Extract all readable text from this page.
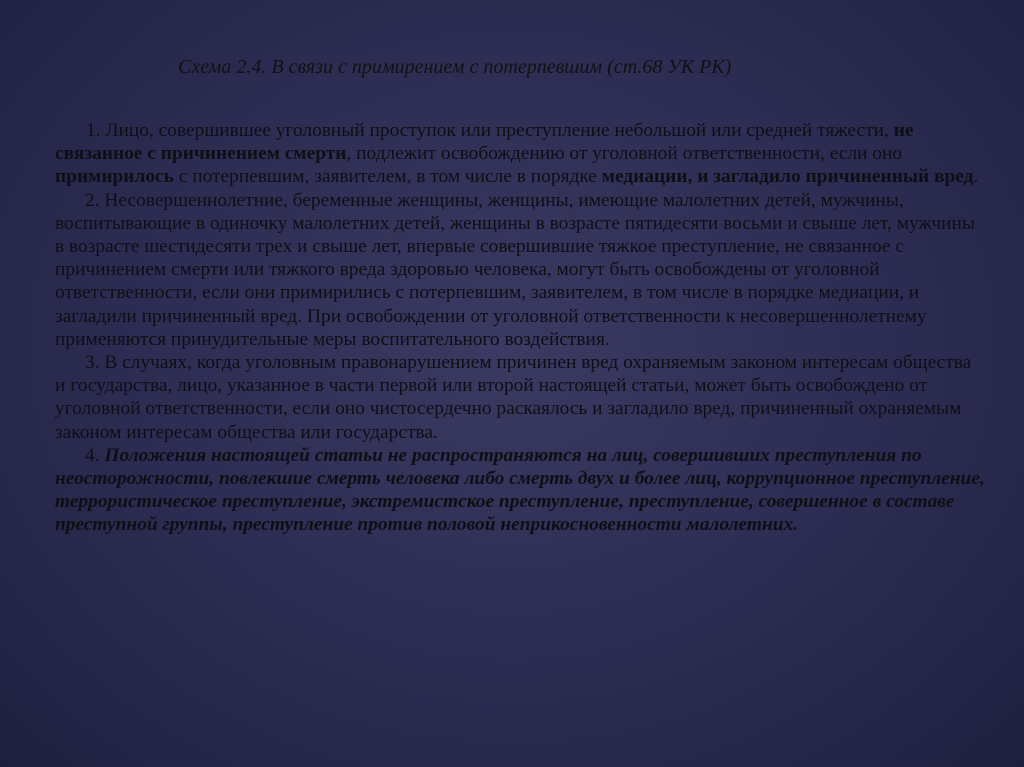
Схема 2.4. В связи с примирением с потерпевшим (ст.68 УК РК)

1. Лицо, совершившее уголовный проступок или преступление небольшой или средней тяжести, не связанное с причинением смерти, подлежит освобождению от уголовной ответственности, если оно примирилось с потерпевшим, заявителем, в том числе в порядке медиации, и загладило причиненный вред.

2. Несовершеннолетние, беременные женщины, женщины, имеющие малолетних детей, мужчины, воспитывающие в одиночку малолетних детей, женщины в возрасте пятидесяти восьми и свыше лет, мужчины в возрасте шестидесяти трех и свыше лет, впервые совершившие тяжкое преступление, не связанное с причинением смерти или тяжкого вреда здоровью человека, могут быть освобождены от уголовной ответственности, если они примирились с потерпевшим, заявителем, в том числе в порядке медиации, и загладили причиненный вред. При освобождении от уголовной ответственности к несовершеннолетнему применяются принудительные меры воспитательного воздействия.

3. В случаях, когда уголовным правонарушением причинен вред охраняемым законом интересам общества и государства, лицо, указанное в части первой или второй настоящей статьи, может быть освобождено от уголовной ответственности, если оно чистосердечно раскаялось и загладило вред, причиненный охраняемым законом интересам общества или государства.

4. Положения настоящей статьи не распространяются на лиц, совершивших преступления по неосторожности, повлекшие смерть человека либо смерть двух и более лиц, коррупционное преступление, террористическое преступление, экстремистское преступление, преступление, совершенное в составе преступной группы, преступление против половой неприкосновенности малолетних.
